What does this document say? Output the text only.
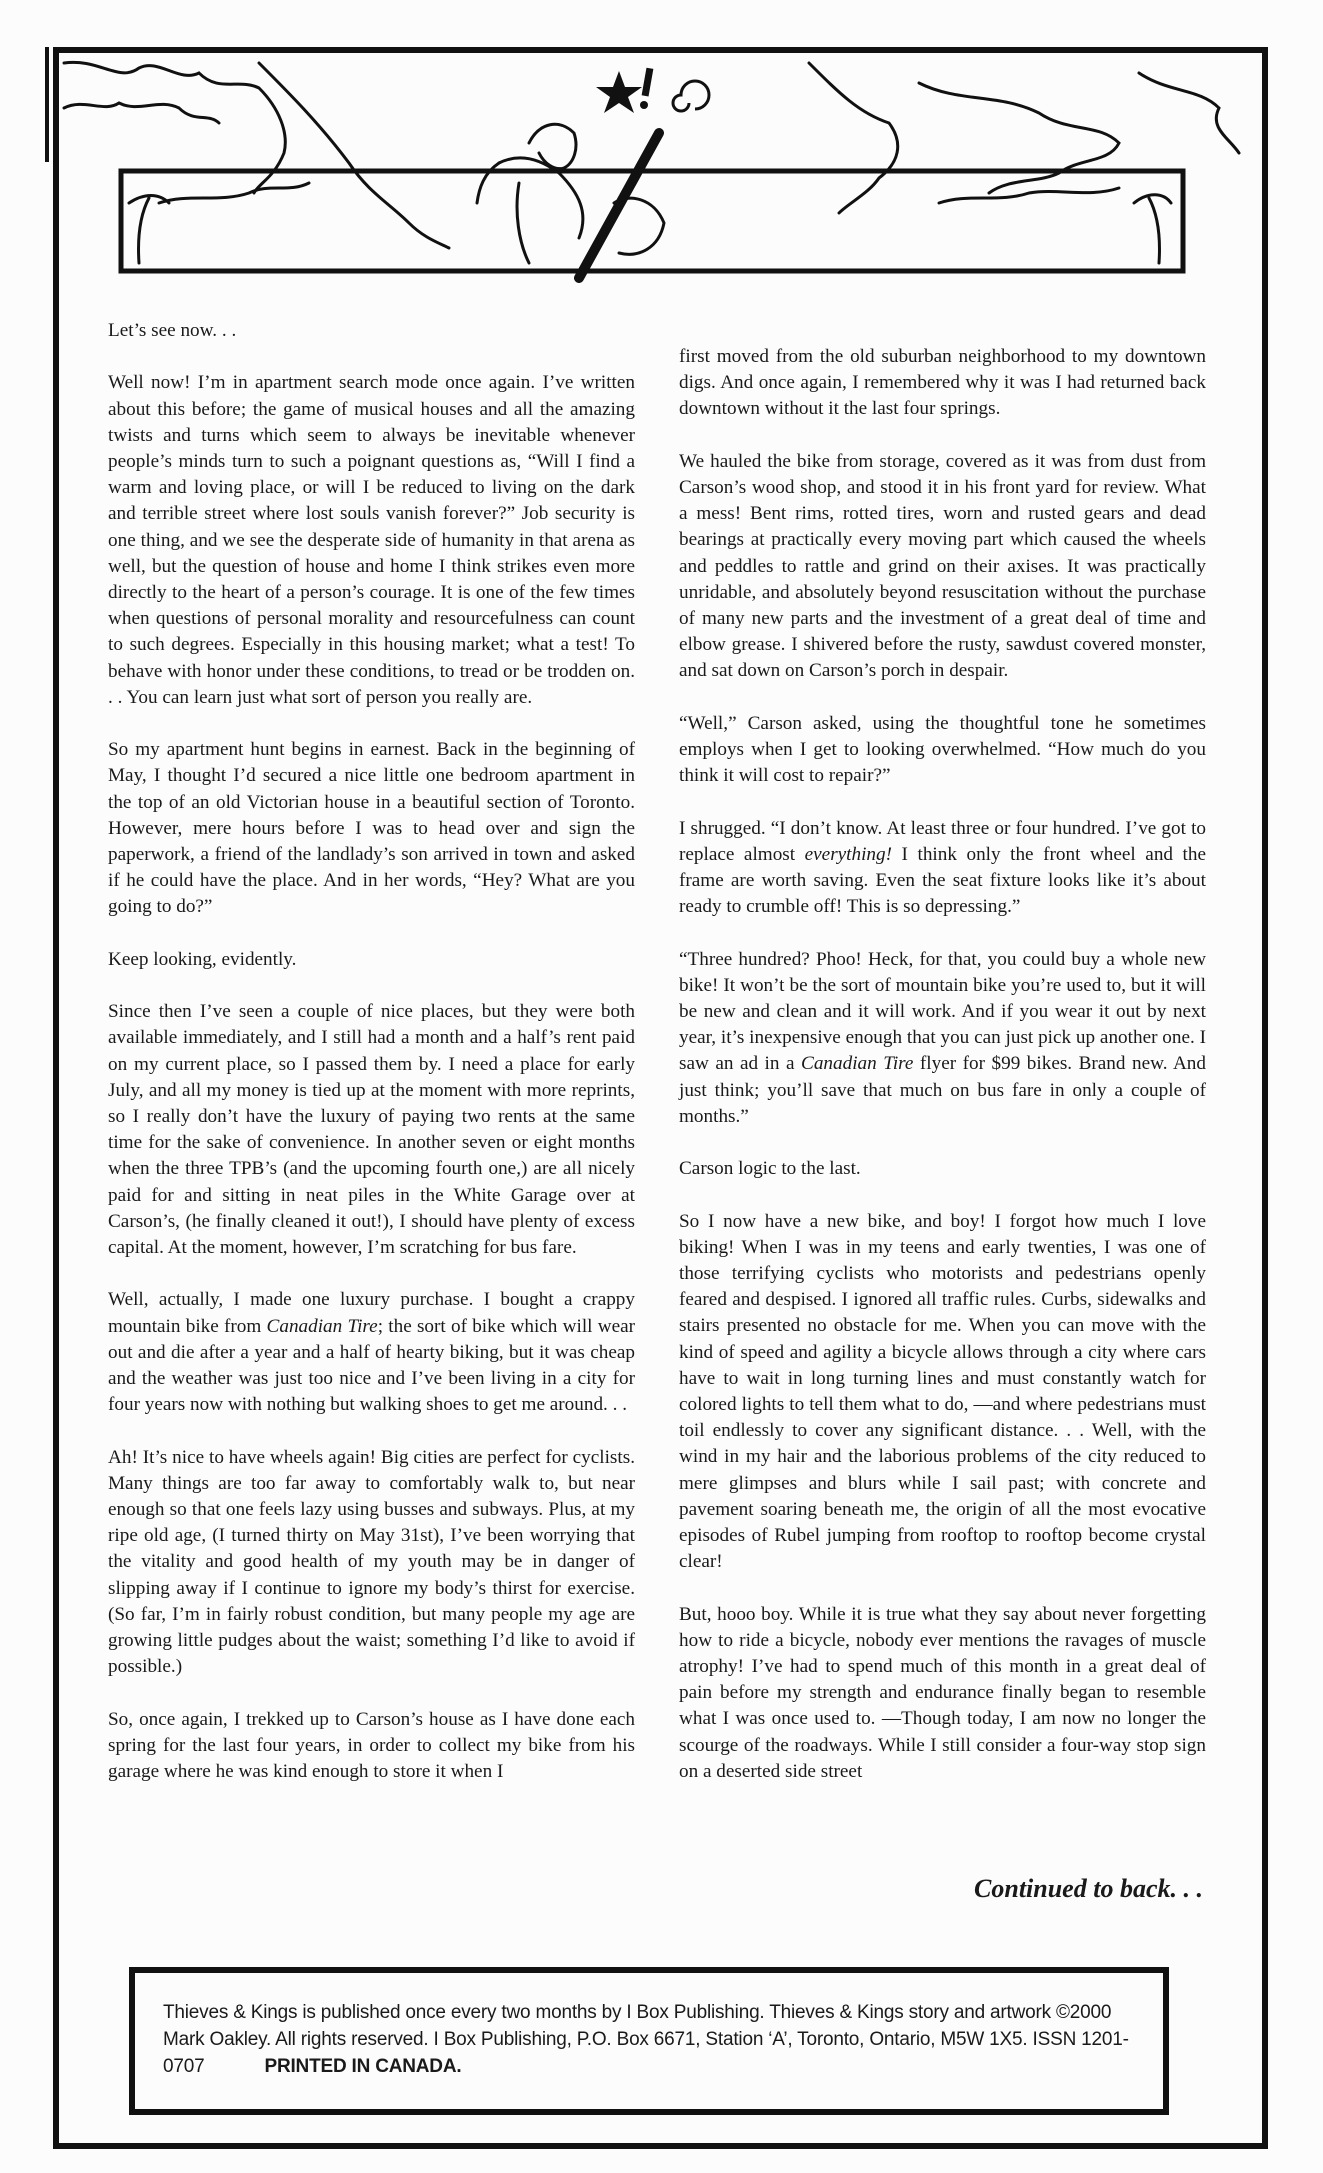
Let’s see now. . .

Well now! I’m in apartment search mode once again. I’ve written about this before; the game of musical houses and all the amazing twists and turns which seem to always be inevitable whenever people’s minds turn to such a poignant questions as, “Will I find a warm and loving place, or will I be reduced to living on the dark and terrible street where lost souls vanish forever?” Job security is one thing, and we see the desperate side of humanity in that arena as well, but the question of house and home I think strikes even more directly to the heart of a person’s courage. It is one of the few times when questions of personal morality and resourcefulness can count to such degrees. Especially in this housing market; what a test! To behave with honor under these conditions, to tread or be trodden on. . . You can learn just what sort of person you really are.

So my apartment hunt begins in earnest. Back in the beginning of May, I thought I’d secured a nice little one bedroom apartment in the top of an old Victorian house in a beautiful section of Toronto. However, mere hours before I was to head over and sign the paperwork, a friend of the landlady’s son arrived in town and asked if he could have the place. And in her words, “Hey? What are you going to do?”

Keep looking, evidently.

Since then I’ve seen a couple of nice places, but they were both available immediately, and I still had a month and a half’s rent paid on my current place, so I passed them by. I need a place for early July, and all my money is tied up at the moment with more reprints, so I really don’t have the luxury of paying two rents at the same time for the sake of convenience. In another seven or eight months when the three TPB’s (and the upcoming fourth one,) are all nicely paid for and sitting in neat piles in the White Garage over at Carson’s, (he finally cleaned it out!), I should have plenty of excess capital. At the moment, however, I’m scratching for bus fare.

Well, actually, I made one luxury purchase. I bought a crappy mountain bike from Canadian Tire; the sort of bike which will wear out and die after a year and a half of hearty biking, but it was cheap and the weather was just too nice and I’ve been living in a city for four years now with nothing but walking shoes to get me around. . .

Ah! It’s nice to have wheels again! Big cities are perfect for cyclists. Many things are too far away to comfortably walk to, but near enough so that one feels lazy using busses and subways. Plus, at my ripe old age, (I turned thirty on May 31st), I’ve been worrying that the vitality and good health of my youth may be in danger of slipping away if I continue to ignore my body’s thirst for exercise. (So far, I’m in fairly robust condition, but many people my age are growing little pudges about the waist; something I’d like to avoid if possible.)

So, once again, I trekked up to Carson’s house as I have done each spring for the last four years, in order to collect my bike from his garage where he was kind enough to store it when I

first moved from the old suburban neighborhood to my downtown digs. And once again, I remembered why it was I had returned back downtown without it the last four springs.

We hauled the bike from storage, covered as it was from dust from Carson’s wood shop, and stood it in his front yard for review. What a mess! Bent rims, rotted tires, worn and rusted gears and dead bearings at practically every moving part which caused the wheels and peddles to rattle and grind on their axises. It was practically unridable, and absolutely beyond resuscitation without the purchase of many new parts and the investment of a great deal of time and elbow grease. I shivered before the rusty, sawdust covered monster, and sat down on Carson’s porch in despair.

“Well,” Carson asked, using the thoughtful tone he sometimes employs when I get to looking overwhelmed. “How much do you think it will cost to repair?”

I shrugged. “I don’t know. At least three or four hundred. I’ve got to replace almost everything! I think only the front wheel and the frame are worth saving. Even the seat fixture looks like it’s about ready to crumble off! This is so depressing.”

“Three hundred? Phoo! Heck, for that, you could buy a whole new bike! It won’t be the sort of mountain bike you’re used to, but it will be new and clean and it will work. And if you wear it out by next year, it’s inexpensive enough that you can just pick up another one. I saw an ad in a Canadian Tire flyer for $99 bikes. Brand new. And just think; you’ll save that much on bus fare in only a couple of months.”

Carson logic to the last.

So I now have a new bike, and boy! I forgot how much I love biking! When I was in my teens and early twenties, I was one of those terrifying cyclists who motorists and pedestrians openly feared and despised. I ignored all traffic rules. Curbs, sidewalks and stairs presented no obstacle for me. When you can move with the kind of speed and agility a bicycle allows through a city where cars have to wait in long turning lines and must constantly watch for colored lights to tell them what to do, —and where pedestrians must toil endlessly to cover any significant distance. . . Well, with the wind in my hair and the laborious problems of the city reduced to mere glimpses and blurs while I sail past; with concrete and pavement soaring beneath me, the origin of all the most evocative episodes of Rubel jumping from rooftop to rooftop become crystal clear!

But, hooo boy. While it is true what they say about never forgetting how to ride a bicycle, nobody ever mentions the ravages of muscle atrophy! I’ve had to spend much of this month in a great deal of pain before my strength and endurance finally began to resemble what I was once used to. —Though today, I am now no longer the scourge of the roadways. While I still consider a four-way stop sign on a deserted side street

Continued to back. . .
Thieves & Kings is published once every two months by I Box Publishing. Thieves & Kings story and artwork ©2000 Mark Oakley. All rights reserved. I Box Publishing, P.O. Box 6671, Station ‘A’, Toronto, Ontario, M5W 1X5. ISSN 1201-0707	PRINTED IN CANADA.
